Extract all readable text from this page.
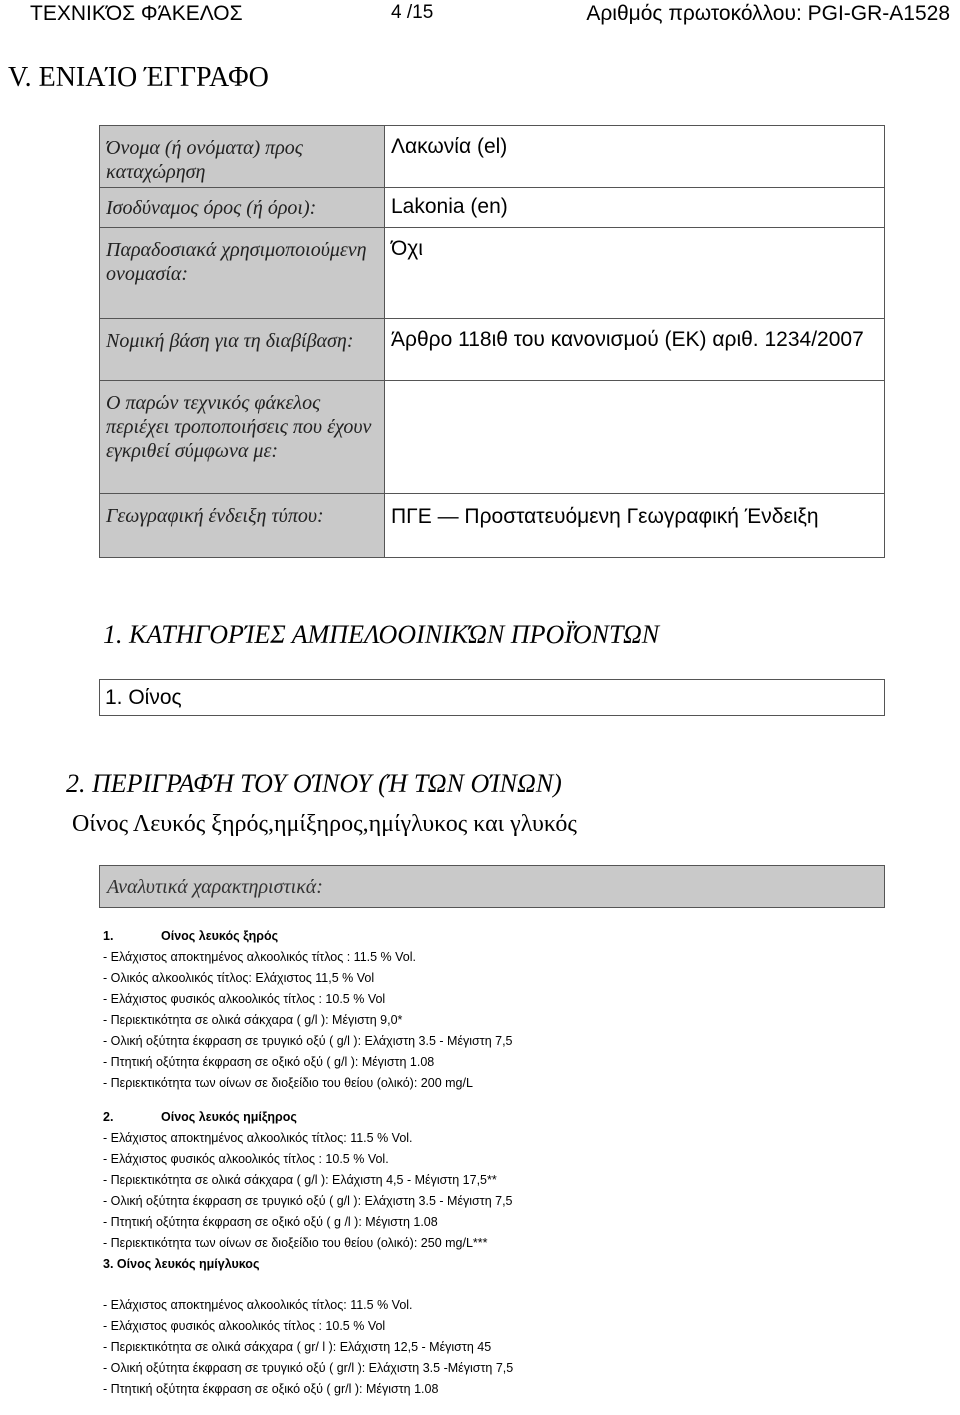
ΤΕΧΝΙΚΌΣ ΦΆΚΕΛΟΣ	4 /15	Αριθμός πρωτοκόλλου: PGI-GR-A1528
V. ΕΝΙΑΊΟ ΈΓΓΡΑΦΟ
Όνομα (ή ονόματα) προς καταχώρηση	Λακωνία (el)
Ισοδύναμος όρος (ή όροι):	Lakonia (en)
Παραδοσιακά χρησιμοποιούμενη ονομασία:	Όχι
Νομική βάση για τη διαβίβαση:	Άρθρο 118ιθ του κανονισμού (ΕΚ) αριθ. 1234/2007
Ο παρών τεχνικός φάκελος περιέχει τροποποιήσεις που έχουν εγκριθεί σύμφωνα με:	
Γεωγραφική ένδειξη τύπου:	ΠΓΕ — Προστατευόμενη Γεωγραφική Ένδειξη
1. ΚΑΤΗΓΟΡΊΕΣ ΑΜΠΕΛΟΟΙΝΙΚΏΝ ΠΡΟΪΌΝΤΩΝ
1. Οίνος
2. ΠΕΡΙΓΡΑΦΉ ΤΟΥ ΟΊΝΟΥ (Ή ΤΩΝ ΟΊΝΩΝ)
Οίνος Λευκός ξηρός,ημίξηρος,ημίγλυκος και γλυκός
Αναλυτικά χαρακτηριστικά:
1.	Οίνος λευκός ξηρός
- Ελάχιστος αποκτημένος αλκοολικός τίτλος : 11.5 % Vol.
- Ολικός αλκοολικός τίτλος: Ελάχιστος 11,5 % Vol
- Ελάχιστος φυσικός αλκοολικός τίτλος : 10.5 % Vol
- Περιεκτικότητα σε ολικά σάκχαρα ( g/l ): Μέγιστη 9,0*
- Ολική οξύτητα έκφραση σε τρυγικό οξύ ( g/l ): Ελάχιστη 3.5 - Μέγιστη 7,5
- Πτητική οξύτητα έκφραση σε οξικό οξύ ( g/l ): Μέγιστη 1.08
- Περιεκτικότητα των οίνων σε διοξείδιο του θείου (ολικό): 200 mg/L
2.	Οίνος λευκός ημίξηρος
- Ελάχιστος αποκτημένος αλκοολικός τίτλος: 11.5 % Vol.
- Ελάχιστος φυσικός αλκοολικός τίτλος : 10.5 % Vol.
- Περιεκτικότητα σε ολικά σάκχαρα ( g/l ): Ελάχιστη 4,5 - Μέγιστη 17,5**
- Ολική οξύτητα έκφραση σε τρυγικό οξύ ( g/l ): Ελάχιστη 3.5 - Μέγιστη 7,5
- Πτητική οξύτητα έκφραση σε οξικό οξύ ( g /l ): Μέγιστη 1.08
- Περιεκτικότητα των οίνων σε διοξείδιο του θείου (ολικό): 250 mg/L***
3. Οίνος λευκός ημίγλυκος
- Ελάχιστος αποκτημένος αλκοολικός τίτλος: 11.5 % Vol.
- Ελάχιστος φυσικός αλκοολικός τίτλος : 10.5 % Vol
- Περιεκτικότητα σε ολικά σάκχαρα ( gr/ l ): Ελάχιστη 12,5 - Μέγιστη 45
- Ολική οξύτητα έκφραση σε τρυγικό οξύ ( gr/l ): Ελάχιστη 3.5 -Μέγιστη 7,5
- Πτητική οξύτητα έκφραση σε οξικό οξύ ( gr/l ): Μέγιστη 1.08
